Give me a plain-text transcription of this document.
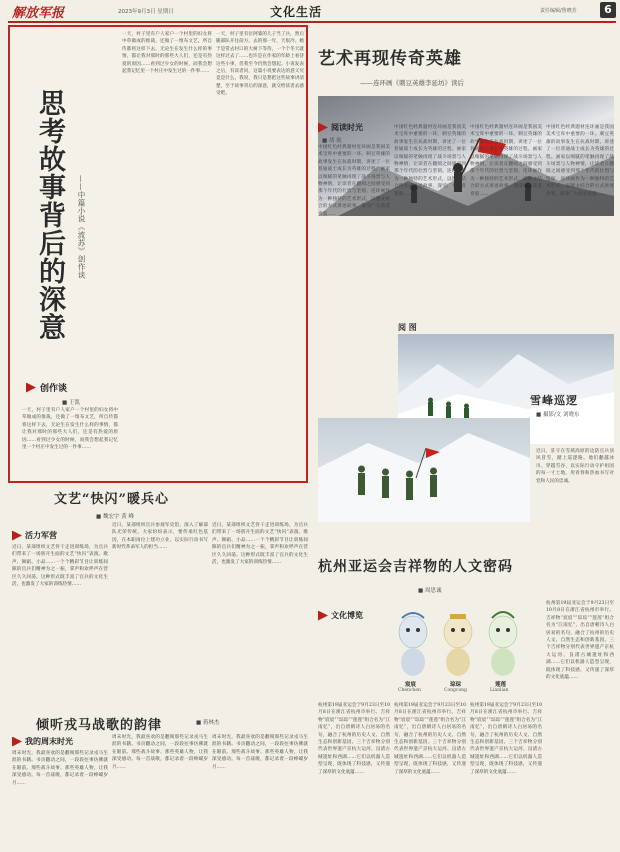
解放军报	2023年9月3日 星期日	文化生活	责任编辑/鲁晓芳	6
思考故事背后的深意 ——中篇小说《流苏》创作谈
创作谈
■ 王凯
一天，村子里有户人家户一个村里的妇女将中草做成的推裁，还做了一堆布文艺，所自传都将这样下去，无论生在发生什么样的事情，都让我对那时的那些大人们，还是有热爱的原因……看到过少女的时候，而我会想起我记忆里一个村庄中发生过的一件事……
一天，村子里有户人家户一个村里的妇女将中草做成的推裁，还做了一堆布文艺，所自传都将这样下去，无论生在发生什么样的事情，都让我对那时的那些大人们，还是有热爱的原因……看到过少女的时候，而我会想起我记忆里一个村庄中发生过的一件事……
一天，村子里有位阿婆的儿子当了兵，然后随部队开往前方。去的那一年，天很冷。她于是常去村口的大树下等待，一个个冬天就这样过去了……也许是在作家的年龄上看待这些小事，但我至今仍然会想起。小说发表之后，有读者问，这篇小说要表达的意义究竟是什么。我说，我只是想把这些故事讲清楚，至于故事背后的深意，就交给读者去感受吧。
艺术再现传奇英雄
——连环画《刺豆英雄李延坊》读后
阅读时光
■ 胡 航
中国红色经典题材连环画是我国美术宝库中重要的一环。刺豆英雄的故事发生在抗战时期，讲述了一位普通战士成长为英雄的过程。画家以细腻的笔触再现了战斗场景与人物神情，让读者在翻阅之间感受到那个年代的壮烈与坚韧。连环画作为一种独特的艺术形式，以图文结合的方式讲述故事，深受广大读者喜爱……
中国红色经典题材连环画是我国美术宝库中重要的一环。刺豆英雄的故事发生在抗战时期，讲述了一位普通战士成长为英雄的过程。画家以细腻的笔触再现了战斗场景与人物神情，让读者在翻阅之间感受到那个年代的壮烈与坚韧。连环画作为一种独特的艺术形式，以图文结合的方式讲述故事，深受广大读者喜爱……
中国红色经典题材连环画是我国美术宝库中重要的一环。刺豆英雄的故事发生在抗战时期，讲述了一位普通战士成长为英雄的过程。画家以细腻的笔触再现了战斗场景与人物神情，让读者在翻阅之间感受到那个年代的壮烈与坚韧。连环画作为一种独特的艺术形式，以图文结合的方式讲述故事，深受广大读者喜爱……
中国红色经典题材连环画是我国美术宝库中重要的一环。刺豆英雄的故事发生在抗战时期，讲述了一位普通战士成长为英雄的过程。画家以细腻的笔触再现了战斗场景与人物神情，让读者在翻阅之间感受到那个年代的壮烈与坚韧。连环画作为一种独特的艺术形式，以图文结合的方式讲述故事，深受广大读者喜爱……
阅 图
雪峰巡逻
■ 摄影/文 刘晓东
近日，驻守在雪域高原的边防官兵顶风冒雪，踏上巡逻路。他们翻越冰川、穿越雪谷，以实际行动守护祖国的每一寸土地，用青春和热血书写对党和人民的忠诚。
文艺“快闪”暖兵心
■ 魏宏宇 黄 峰
活力军营
近日，某部组织文艺骨干走进训练场，为官兵们带来了一场别开生面的文艺“快闪”表演。歌声、舞蹈、小品……一个个精彩节目让训练间隙的官兵们精神为之一振，掌声和欢呼声在营区久久回荡。这种形式既丰富了官兵的文化生活，也激发了大家的训练热情……
近日，某部组织官兵参观军史馆，深入了解部队光荣传统。大家纷纷表示，要传承红色基因，在本职岗位上建功立业，以实际行动书写新时代革命军人的担当……
近日，某部组织文艺骨干走进训练场，为官兵们带来了一场别开生面的文艺“快闪”表演。歌声、舞蹈、小品……一个个精彩节目让训练间隙的官兵们精神为之一振，掌声和欢呼声在营区久久回荡。这种形式既丰富了官兵的文化生活，也激发了大家的训练热情……
倾听戎马战歌的韵律	■ 蒋林杰
我的周末时光
周末时光，我最喜欢的是翻阅那些记录戎马生涯的书籍。书页翻动之间，一段段往事仿佛就在眼前。那些战斗故事、那些英雄人物，让我深受感动。每一首战歌，都记录着一段峥嵘岁月……
周末时光，我最喜欢的是翻阅那些记录戎马生涯的书籍。书页翻动之间，一段段往事仿佛就在眼前。那些战斗故事、那些英雄人物，让我深受感动。每一首战歌，都记录着一段峥嵘岁月……
周末时光，我最喜欢的是翻阅那些记录戎马生涯的书籍。书页翻动之间，一段段往事仿佛就在眼前。那些战斗故事、那些英雄人物，让我深受感动。每一首战歌，都记录着一段峥嵘岁月……
杭州亚运会吉祥物的人文密码
■ 周思诚
文化博览
宸宸	琮琮	莲莲
Chenchen	Congcong	Lianlian
杭州第19届亚运会于9月23日至10月8日在浙江省杭州市举行。吉祥物“宸宸”“琮琮”“莲莲”组合名为“江南忆”，出自唐朝诗人白居易的名句，融合了杭州的历史人文、自然生态和创新基因。三个吉祥物分别代表世界遗产京杭大运河、良渚古城遗址和西湖……它们以机器人造型呈现，既体现了科技感，又传递了深厚的文化底蕴……
杭州第19届亚运会于9月23日至10月8日在浙江省杭州市举行。吉祥物“宸宸”“琮琮”“莲莲”组合名为“江南忆”，出自唐朝诗人白居易的名句，融合了杭州的历史人文、自然生态和创新基因。三个吉祥物分别代表世界遗产京杭大运河、良渚古城遗址和西湖……它们以机器人造型呈现，既体现了科技感，又传递了深厚的文化底蕴……
杭州第19届亚运会于9月23日至10月8日在浙江省杭州市举行。吉祥物“宸宸”“琮琮”“莲莲”组合名为“江南忆”，出自唐朝诗人白居易的名句，融合了杭州的历史人文、自然生态和创新基因。三个吉祥物分别代表世界遗产京杭大运河、良渚古城遗址和西湖……它们以机器人造型呈现，既体现了科技感，又传递了深厚的文化底蕴……
杭州第19届亚运会于9月23日至10月8日在浙江省杭州市举行。吉祥物“宸宸”“琮琮”“莲莲”组合名为“江南忆”，出自唐朝诗人白居易的名句，融合了杭州的历史人文、自然生态和创新基因。三个吉祥物分别代表世界遗产京杭大运河、良渚古城遗址和西湖……它们以机器人造型呈现，既体现了科技感，又传递了深厚的文化底蕴……
